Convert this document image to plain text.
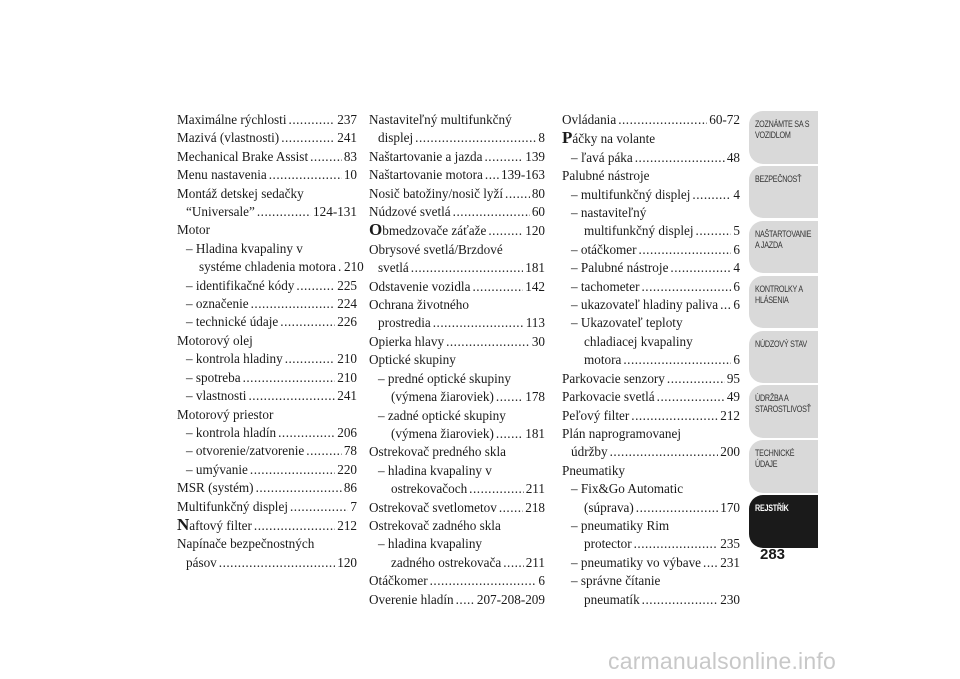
Maximálne rýchlosti .....	237
Mazivá (vlastnosti) .....	241
Mechanical Brake Assist .....	83
Menu nastavenia .....	10
Montáž detskej sedačky
“Universale” .....	124-131
Motor
– Hladina kvapaliny v
systéme chladenia motora ..... 210
– identifikačné kódy .....	225
– označenie .....	224
– technické údaje .....	226
Motorový olej
– kontrola hladiny .....	210
– spotreba .....	210
– vlastnosti .....	241
Motorový priestor
– kontrola hladín .....	206
– otvorenie/zatvorenie .....	78
– umývanie .....	220
MSR (systém) .....	86
Multifunkčný displej .....	7
Naftový filter .....	212
Napínače bezpečnostných
pásov .....	120
Nastaviteľný multifunkčný
displej .....	8
Naštartovanie a jazda .....	139
Naštartovanie motora ..... 139-163
Nosič batožiny/nosič lyží ..... 80
Núdzové svetlá .....	60
Obmedzovače záťaže .....	120
Obrysové svetlá/Brzdové
svetlá .....	181
Odstavenie vozidla .....	142
Ochrana životného
prostredia .....	113
Opierka hlavy .....	30
Optické skupiny
– predné optické skupiny
(výmena žiaroviek) ..... 178
– zadné optické skupiny
(výmena žiaroviek) ..... 181
Ostrekovač predného skla
– hladina kvapaliny v
ostrekovačoch .....	211
Ostrekovač svetlometov ..... 218
Ostrekovač zadného skla
– hladina kvapaliny
zadného ostrekovača ..... 211
Otáčkomer .....	6
Overenie hladín ..... 207-208-209
Ovládania .....	60-72
Páčky na volante
– ľavá páka .....	48
Palubné nástroje
– multifunkčný displej .....	4
– nastaviteľný
multifunkčný displej .....	5
– otáčkomer .....	6
– Palubné nástroje .....	4
– tachometer .....	6
– ukazovateľ hladiny paliva ..... 6
– Ukazovateľ teploty
chladiacej kvapaliny
motora .....	6
Parkovacie senzory .....	95
Parkovacie svetlá .....	49
Peľový filter .....	212
Plán naprogramovanej
údržby .....	200
Pneumatiky
– Fix&Go Automatic
(súprava) .....	170
– pneumatiky Rim
protector .....	235
– pneumatiky vo výbave ..... 231
– správne čítanie
pneumatík .....	230
ZOZNÁMTE SA S
VOZIDLOM
BEZPEČNOSŤ
NAŠTARTOVANIE
A JAZDA
KONTROLKY A
HLÁSENIA
NÚDZOVÝ STAV
ÚDRŽBA A
STAROSTLIVOSŤ
TECHNICKÉ
ÚDAJE
REJSTŘÍK
283
carmanualsonline.info
